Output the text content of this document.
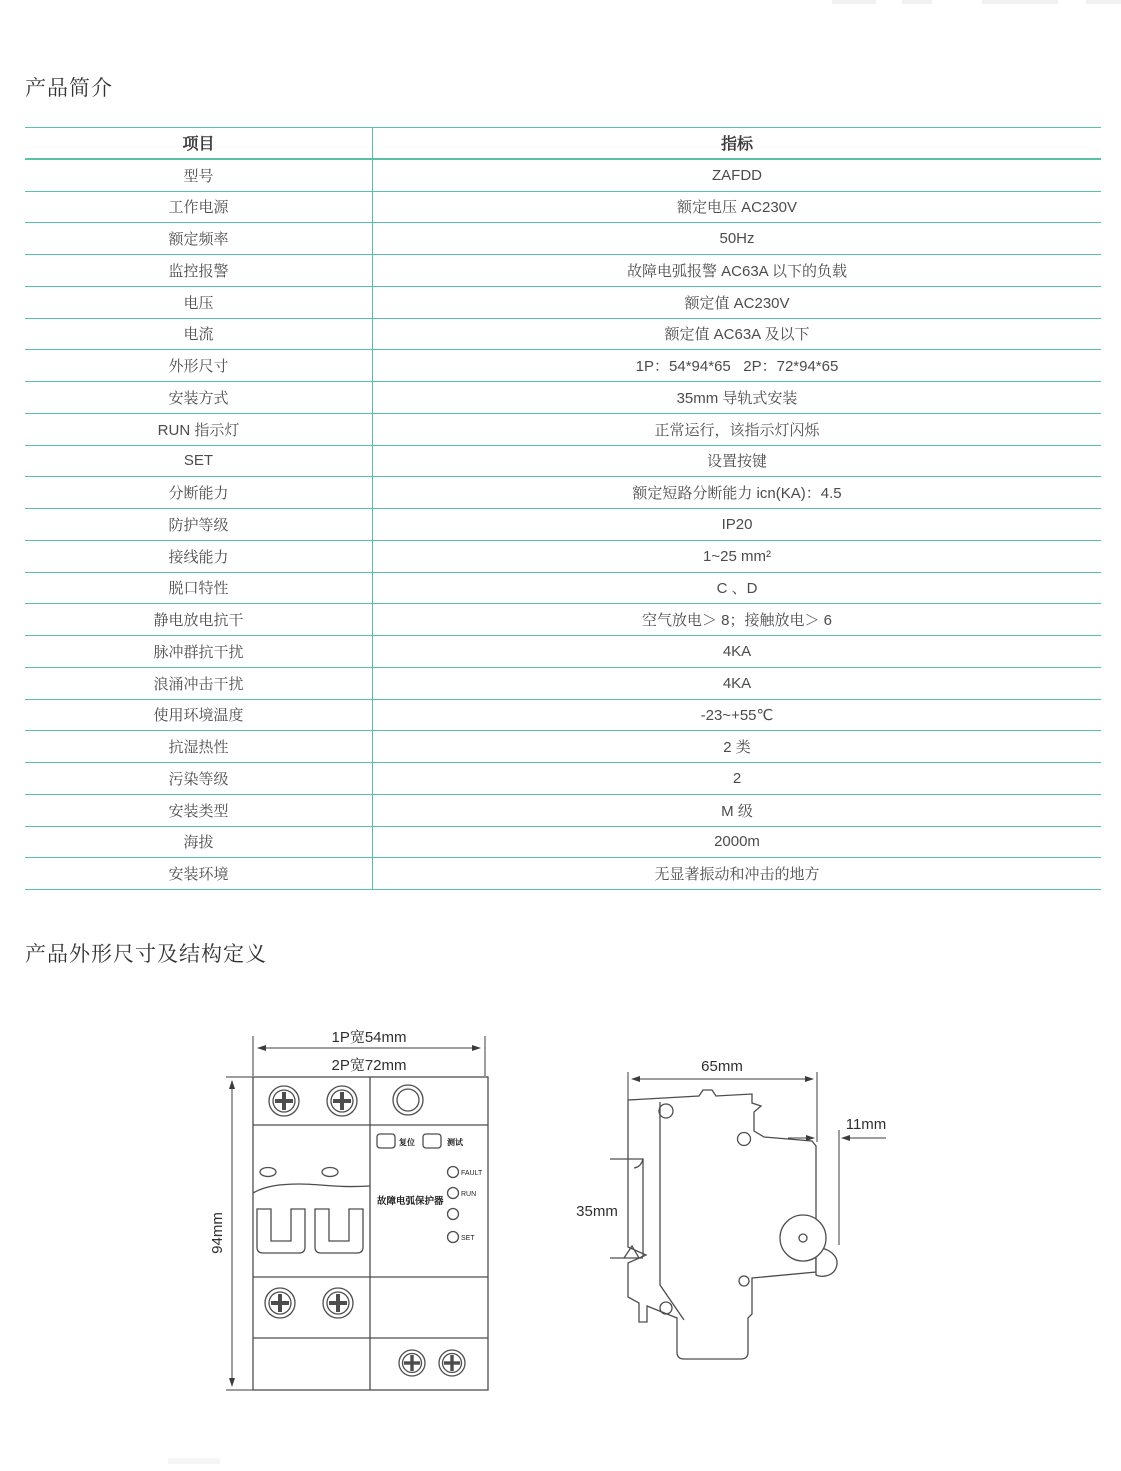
产品简介
项目	指标
型号	ZAFDD
工作电源	额定电压 AC230V
额定频率	50Hz
监控报警	故障电弧报警 AC63A 以下的负载
电压	额定值 AC230V
电流	额定值 AC63A 及以下
外形尺寸	1P：54*94*65   2P：72*94*65
安装方式	35mm 导轨式安装
RUN 指示灯	正常运行，该指示灯闪烁
SET	设置按键
分断能力	额定短路分断能力 icn(KA)：4.5
防护等级	IP20
接线能力	1~25 mm²
脱口特性	C 、D
静电放电抗干	空气放电＞ 8；接触放电＞ 6
脉冲群抗干扰	4KA
浪涌冲击干扰	4KA
使用环境温度	-23~+55℃
抗湿热性	2 类
污染等级	2
安装类型	M 级
海拔	2000m
安装环境	无显著振动和冲击的地方
产品外形尺寸及结构定义
1P宽54mm
2P宽72mm
94mm
复位	测试
FAULT
RUN
SET
故障电弧保护器
65mm
11mm
35mm
